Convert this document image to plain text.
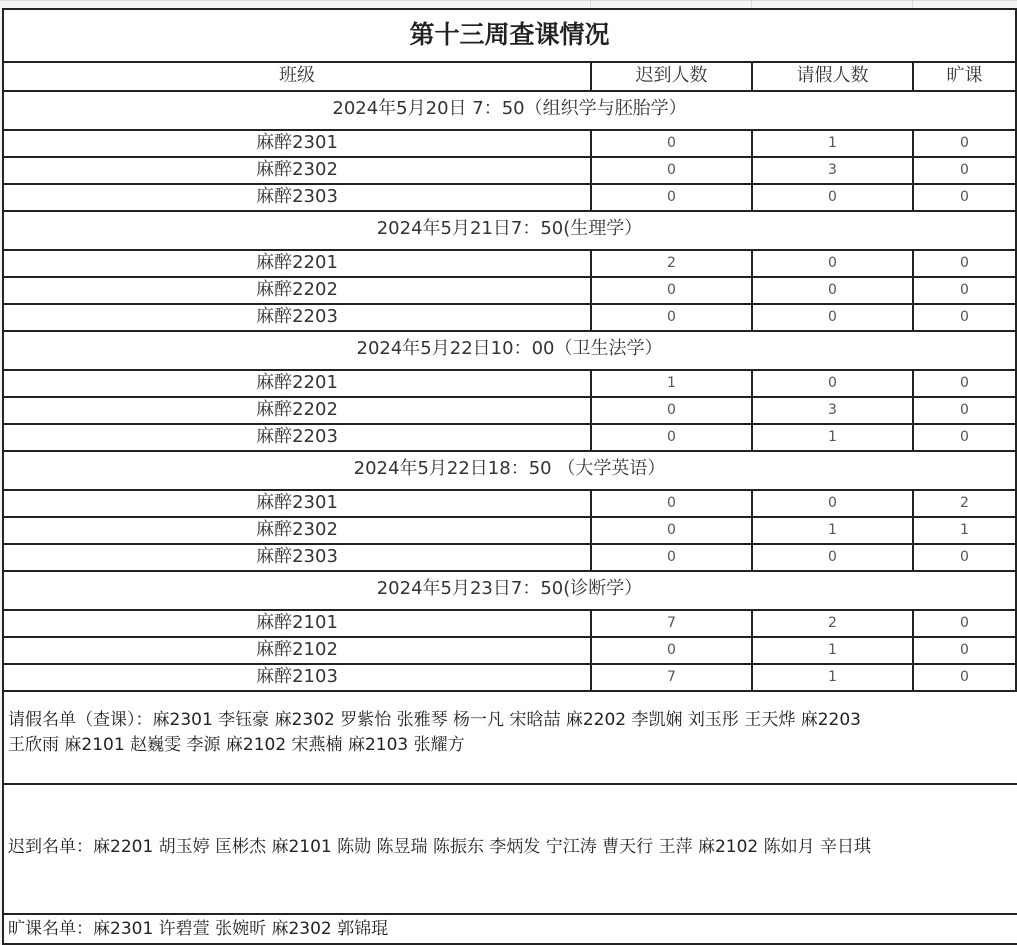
第十三周查课情况
班级	迟到人数	请假人数	旷课
2024年5月20日 7：50（组织学与胚胎学）
麻醉2301	0	1	0
麻醉2302	0	3	0
麻醉2303	0	0	0
2024年5月21日7：50(生理学）
麻醉2201	2	0	0
麻醉2202	0	0	0
麻醉2203	0	0	0
2024年5月22日10：00（卫生法学）
麻醉2201	1	0	0
麻醉2202	0	3	0
麻醉2203	0	1	0
2024年5月22日18：50 （大学英语）
麻醉2301	0	0	2
麻醉2302	0	1	1
麻醉2303	0	0	0
2024年5月23日7：50(诊断学）
麻醉2101	7	2	0
麻醉2102	0	1	0
麻醉2103	7	1	0
请假名单（查课）：麻2301 李钰豪 麻2302 罗紫怡 张雅琴 杨一凡 宋晗喆 麻2202 李凯娴 刘玉彤 王天烨 麻2203
王欣雨 麻2101 赵巍雯 李源 麻2102 宋燕楠 麻2103 张耀方
迟到名单：麻2201 胡玉婷 匡彬杰 麻2101 陈勋 陈昱瑞 陈振东 李炳发 宁江涛 曹天行 王萍 麻2102 陈如月 辛日琪
旷课名单：麻2301 许碧萱 张婉昕 麻2302 郭锦琨
